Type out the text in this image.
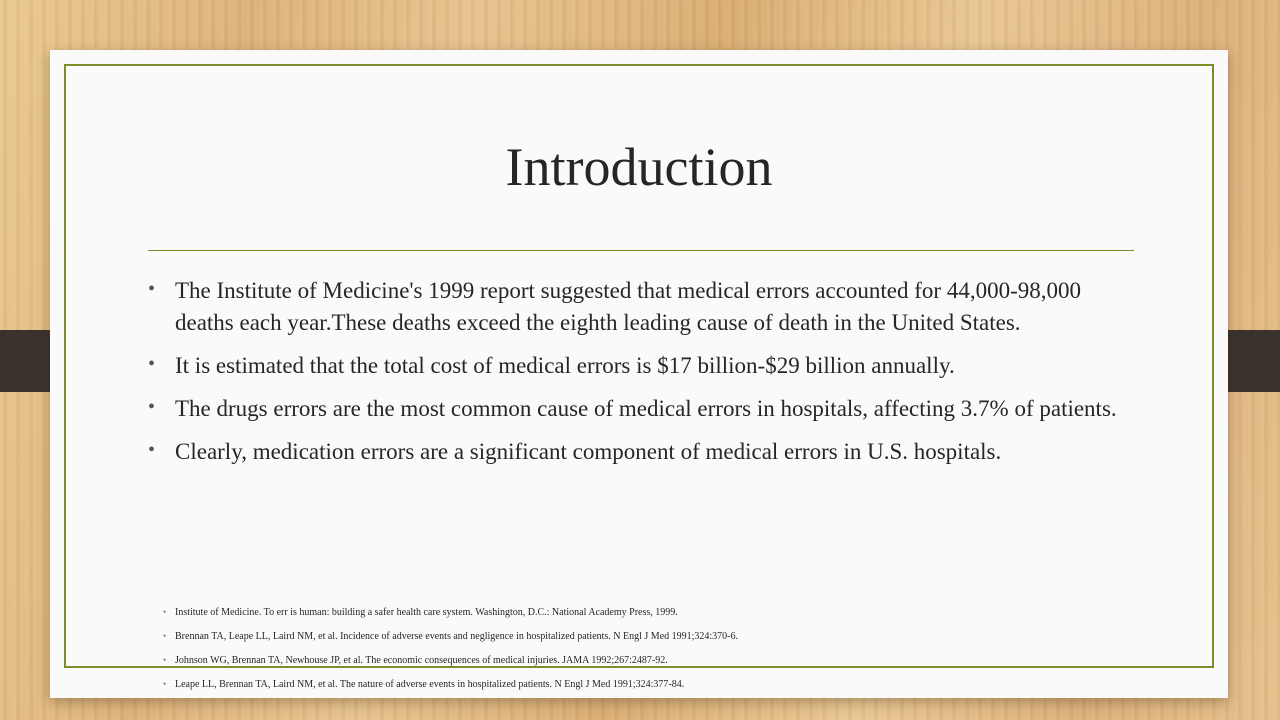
Introduction
• The Institute of Medicine's 1999 report suggested that medical errors accounted for 44,000-98,000 deaths each year.These deaths exceed the eighth leading cause of death in the United States.
• It is estimated that the total cost of medical errors is $17 billion-$29 billion annually.
• The drugs errors are the most common cause of medical errors in hospitals, affecting 3.7% of patients.
• Clearly, medication errors are a significant component of medical errors in U.S. hospitals.
• Institute of Medicine. To err is human: building a safer health care system. Washington, D.C.: National Academy Press, 1999.
• Brennan TA, Leape LL, Laird NM, et al. Incidence of adverse events and negligence in hospitalized patients. N Engl J Med 1991;324:370-6.
• Johnson WG, Brennan TA, Newhouse JP, et al. The economic consequences of medical injuries. JAMA 1992;267:2487-92.
• Leape LL, Brennan TA, Laird NM, et al. The nature of adverse events in hospitalized patients. N Engl J Med 1991;324:377-84.
